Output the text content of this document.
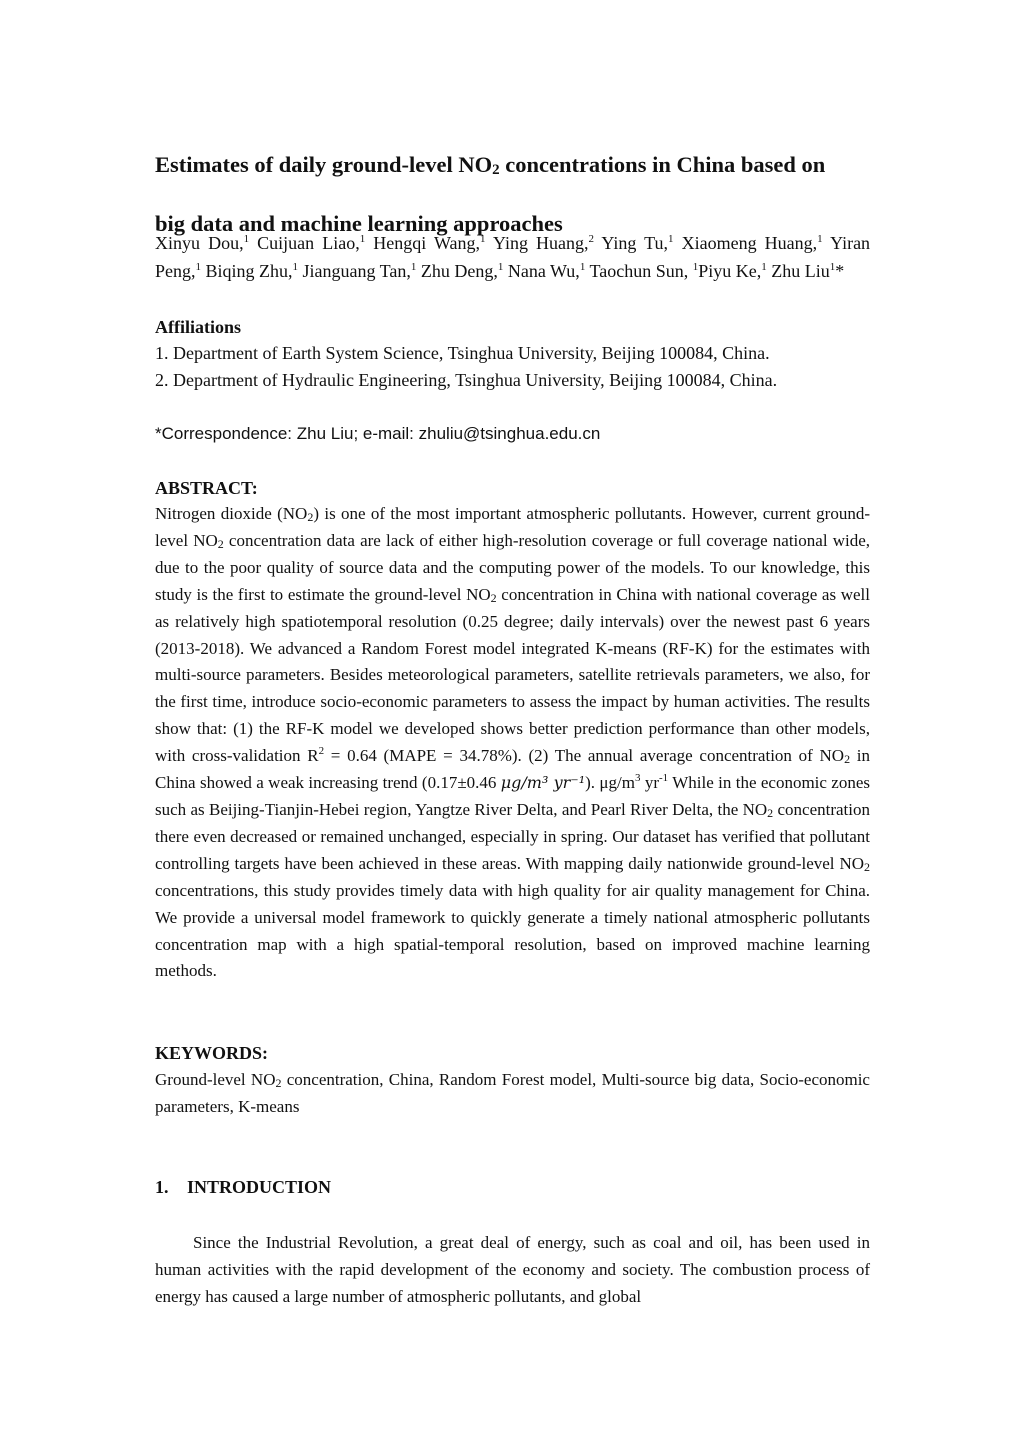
Estimates of daily ground-level $NO_2$ concentrations in China based on
big data and machine learning approaches
Xinyu Dou,$^1$ Cuijuan Liao,$^1$ Hengqi Wang,$^1$ Ying Huang,$^2$ Ying Tu,$^1$ Xiaomeng Huang,$^1$ Yiran Peng,$^1$ Biqing Zhu,$^1$ Jianguang Tan,$^1$ Zhu Deng,$^1$ Nana Wu,$^1$ Taochun Sun, $^1$Piyu Ke,$^1$ Zhu Liu$^1$*
Affiliations
1. Department of Earth System Science, Tsinghua University, Beijing 100084, China.
2. Department of Hydraulic Engineering, Tsinghua University, Beijing 100084, China.
*Correspondence: Zhu Liu; e-mail: zhuliu@tsinghua.edu.cn
ABSTRACT:
Nitrogen dioxide $(NO_2)$ is one of the most important atmospheric pollutants. However, current ground-level $NO_2$ concentration data are lack of either high-resolution coverage or full coverage national wide, due to the poor quality of source data and the computing power of the models. To our knowledge, this study is the first to estimate the ground-level $NO_2$ concentration in China with national coverage as well as relatively high spatiotemporal resolution (0.25 degree; daily intervals) over the newest past 6 years (2013-2018). We advanced a Random Forest model integrated K-means (RF-K) for the estimates with multi-source parameters. Besides meteorological parameters, satellite retrievals parameters, we also, for the first time, introduce socio-economic parameters to assess the impact by human activities. The results show that: (1) the RF-K model we developed shows better prediction performance than other models, with cross-validation $R^2 = 0.64$ (MAPE = 34.78%). (2) The annual average concentration of $NO_2$ in China showed a weak increasing trend (0.17±0.46 μg/m³ yr⁻¹). $\mu g/m^3$ $yr^{-1}$ While in the economic zones such as Beijing-Tianjin-Hebei region, Yangtze River Delta, and Pearl River Delta, the $NO_2$ concentration there even decreased or remained unchanged, especially in spring. Our dataset has verified that pollutant controlling targets have been achieved in these areas. With mapping daily nationwide ground-level $NO_2$ concentrations, this study provides timely data with high quality for air quality management for China. We provide a universal model framework to quickly generate a timely national atmospheric pollutants concentration map with a high spatial-temporal resolution, based on improved machine learning methods.
KEYWORDS:
Ground-level $NO_2$ concentration, China, Random Forest model, Multi-source big data, Socio-economic parameters, K-means
1. INTRODUCTION
Since the Industrial Revolution, a great deal of energy, such as coal and oil, has been used in human activities with the rapid development of the economy and society. The combustion process of energy has caused a large number of atmospheric pollutants, and global
